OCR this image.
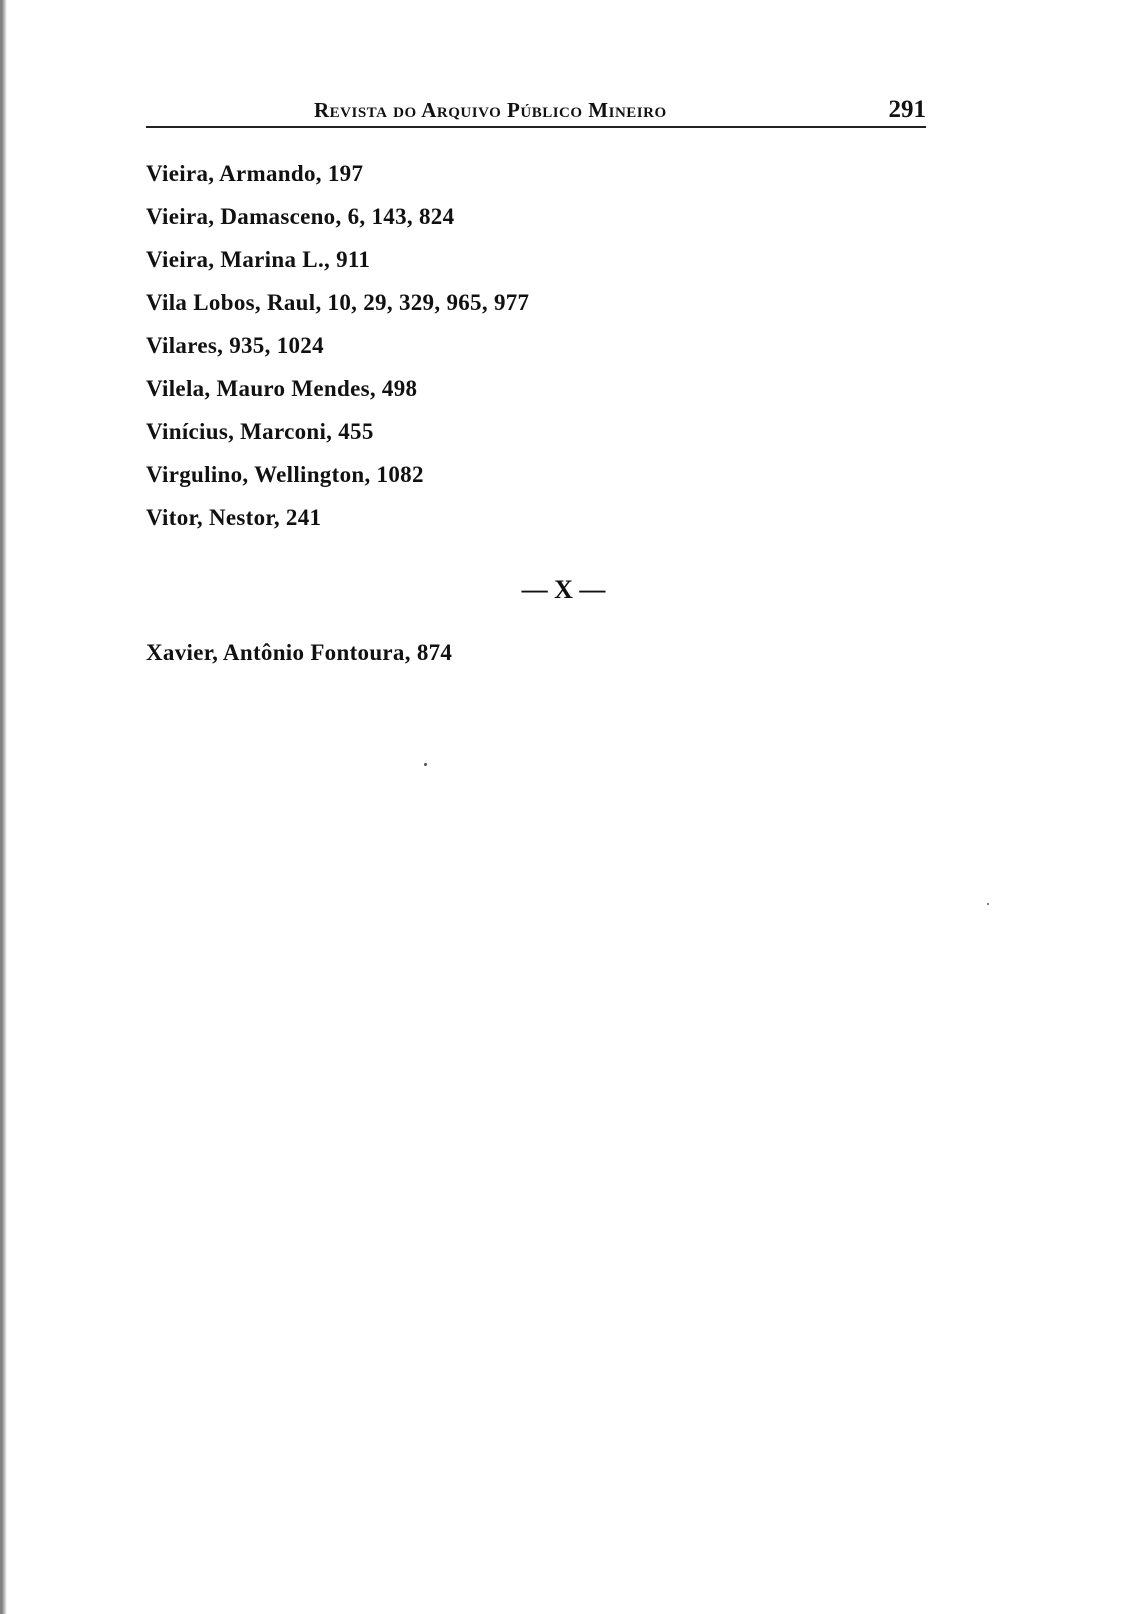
Revista do Arquivo Público Mineiro	291
Vieira, Armando, 197
Vieira, Damasceno, 6, 143, 824
Vieira, Marina L., 911
Vila Lobos, Raul, 10, 29, 329, 965, 977
Vilares, 935, 1024
Vilela, Mauro Mendes, 498
Vinícius, Marconi, 455
Virgulino, Wellington, 1082
Vitor, Nestor, 241
— X —
Xavier, Antônio Fontoura, 874
